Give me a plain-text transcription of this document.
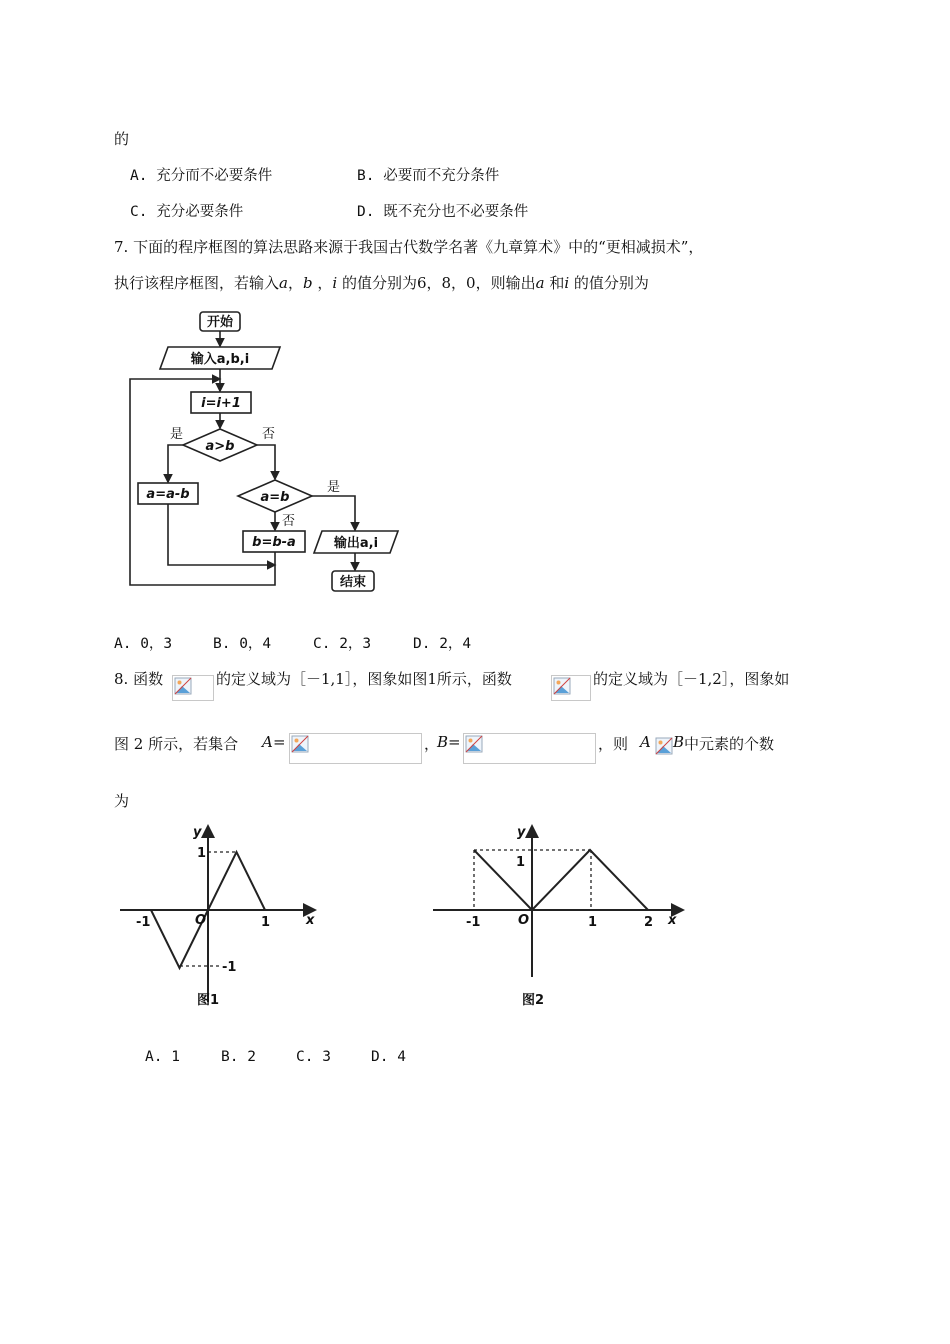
的
A. 充分而不必要条件	B. 必要而不充分条件
C. 充分必要条件	D. 既不充分也不必要条件
7. 下面的程序框图的算法思路来源于我国古代数学名著《九章算术》中的“更相减损术”，
执行该程序框图，若输入a，b ，i 的值分别为6，8，0，则输出a 和i 的值分别为
开始
输入a,b,i
i=i+1
a>b
a=a-b	a=b
b=b-a	输出a,i
结束
是	否
是
否
A. 0，3	B. 0，4	C. 2，3	D. 2，4
8. 函数	的定义域为［－1,1］，图象如图1所示，函数	的定义域为［－1,2］，图象如
图 2 所示，若集合 A =	，
B =	，则 A B 中元素的个数
为
y
x
O
1
-1	1
-1
图1
y
x
O
1
-1	1	2
图2
A. 1	B. 2	C. 3	D. 4
